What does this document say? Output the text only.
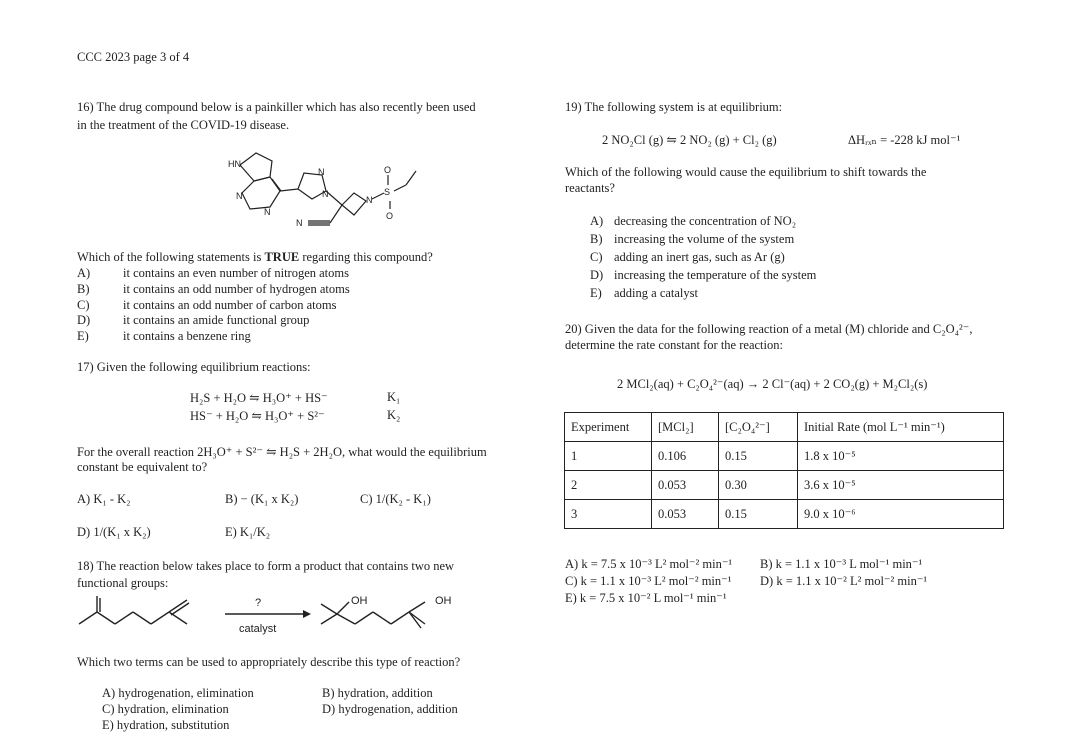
CCC 2023 page 3 of 4
16) The drug compound below is a painkiller which has also recently been used
in the treatment of the COVID-19 disease.
HN
N
N
N
N
N
N
S
O
O
Which of the following statements is TRUE regarding this compound?
A)	it contains an even number of nitrogen atoms
B)	it contains an odd number of hydrogen atoms
C)	it contains an odd number of carbon atoms
D)	it contains an amide functional group
E)	it contains a benzene ring
17) Given the following equilibrium reactions:
H₂S + H₂O ⇋ H₃O⁺ + HS⁻	K₁
HS⁻ + H₂O ⇋ H₃O⁺ + S²⁻	K₂
For the overall reaction 2H₃O⁺ + S²⁻ ⇋ H₂S + 2H₂O, what would the equilibrium
constant be equivalent to?
A) K₁ - K₂	B) − (K₁ x K₂)	C) 1/(K₂ - K₁)
D) 1/(K₁ x K₂)	E) K₁/K₂
18) The reaction below takes place to form a product that contains two new
functional groups:
?
catalyst
OH	OH
Which two terms can be used to appropriately describe this type of reaction?
A) hydrogenation, elimination	B) hydration, addition
C) hydration, elimination	D) hydrogenation, addition
E) hydration, substitution
19) The following system is at equilibrium:
2 NO₂Cl (g) ⇋ 2 NO₂ (g) + Cl₂ (g)	ΔHᵣₓₙ = -228 kJ mol⁻¹
Which of the following would cause the equilibrium to shift towards the
reactants?
A) decreasing the concentration of NO₂
B) increasing the volume of the system
C) adding an inert gas, such as Ar (g)
D) increasing the temperature of the system
E) adding a catalyst
20) Given the data for the following reaction of a metal (M) chloride and C₂O₄²⁻,
determine the rate constant for the reaction:
2 MCl₂(aq) + C₂O₄²⁻(aq) → 2 Cl⁻(aq) + 2 CO₂(g) + M₂Cl₂(s)
Experiment	[MCl₂]	[C₂O₄²⁻]	Initial Rate (mol L⁻¹ min⁻¹)
1	0.106	0.15	1.8 x 10⁻⁵
2	0.053	0.30	3.6 x 10⁻⁵
3	0.053	0.15	9.0 x 10⁻⁶
A) k = 7.5 x 10⁻³ L² mol⁻² min⁻¹ B) k = 1.1 x 10⁻³ L mol⁻¹ min⁻¹
C) k = 1.1 x 10⁻³ L² mol⁻² min⁻¹ D) k = 1.1 x 10⁻² L² mol⁻² min⁻¹
E) k = 7.5 x 10⁻² L mol⁻¹ min⁻¹
